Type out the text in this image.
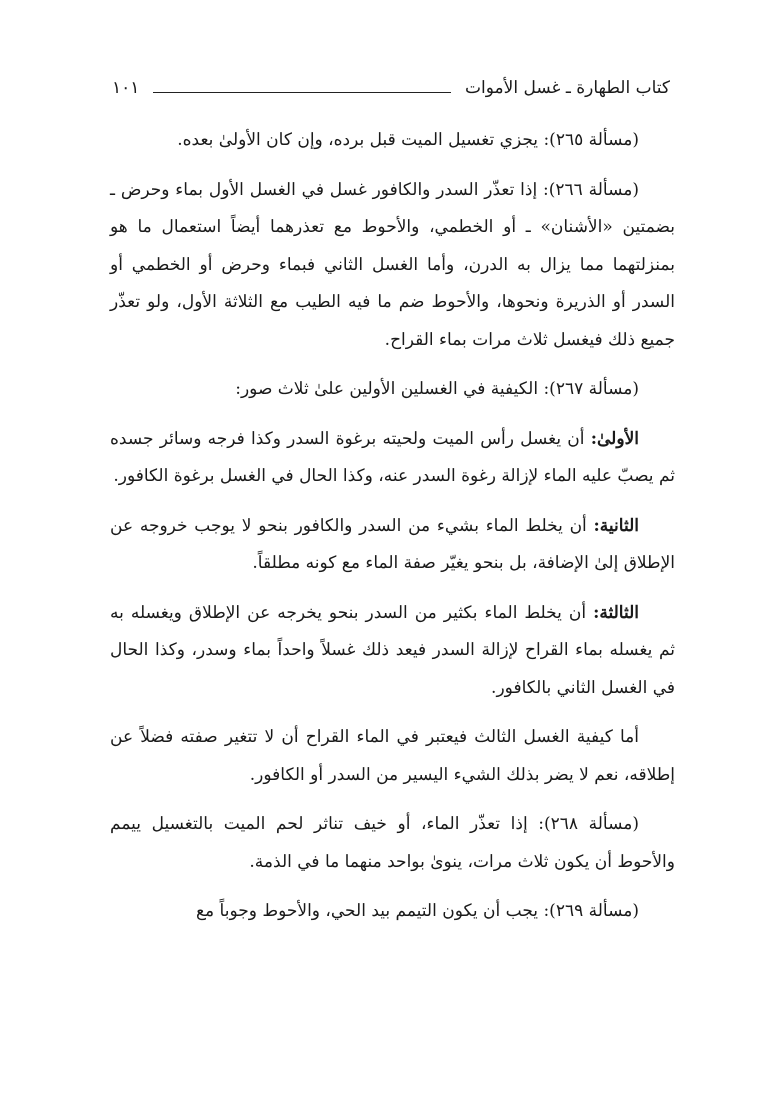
كتاب الطهارة ـ غسل الأموات
١٠١

(مسألة ٢٦٥): يجزي تغسيل الميت قبل برده، وإن كان الأولىٰ بعده.

(مسألة ٢٦٦): إذا تعذّر السدر والكافور غسل في الغسل الأول بماء وحرض ـ بضمتين «الأشنان» ـ أو الخطمي، والأحوط مع تعذرهما أيضاً استعمال ما هو بمنزلتهما مما يزال به الدرن، وأما الغسل الثاني فبماء وحرض أو الخطمي أو السدر أو الذريرة ونحوها، والأحوط ضم ما فيه الطيب مع الثلاثة الأول، ولو تعذّر جميع ذلك فيغسل ثلاث مرات بماء القراح.

(مسألة ٢٦٧): الكيفية في الغسلين الأولين علىٰ ثلاث صور:

الأولىٰ: أن يغسل رأس الميت ولحيته برغوة السدر وكذا فرجه وسائر جسده ثم يصبّ عليه الماء لإزالة رغوة السدر عنه، وكذا الحال في الغسل برغوة الكافور.

الثانية: أن يخلط الماء بشيء من السدر والكافور بنحو لا يوجب خروجه عن الإطلاق إلىٰ الإضافة، بل بنحو يغيّر صفة الماء مع كونه مطلقاً.

الثالثة: أن يخلط الماء بكثير من السدر بنحو يخرجه عن الإطلاق ويغسله به ثم يغسله بماء القراح لإزالة السدر فيعد ذلك غسلاً واحداً بماء وسدر، وكذا الحال في الغسل الثاني بالكافور.

أما كيفية الغسل الثالث فيعتبر في الماء القراح أن لا تتغير صفته فضلاً عن إطلاقه، نعم لا يضر بذلك الشيء اليسير من السدر أو الكافور.

(مسألة ٢٦٨): إذا تعذّر الماء، أو خيف تناثر لحم الميت بالتغسيل ييمم والأحوط أن يكون ثلاث مرات، ينوىٰ بواحد منهما ما في الذمة.

(مسألة ٢٦٩): يجب أن يكون التيمم بيد الحي، والأحوط وجوباً مع
